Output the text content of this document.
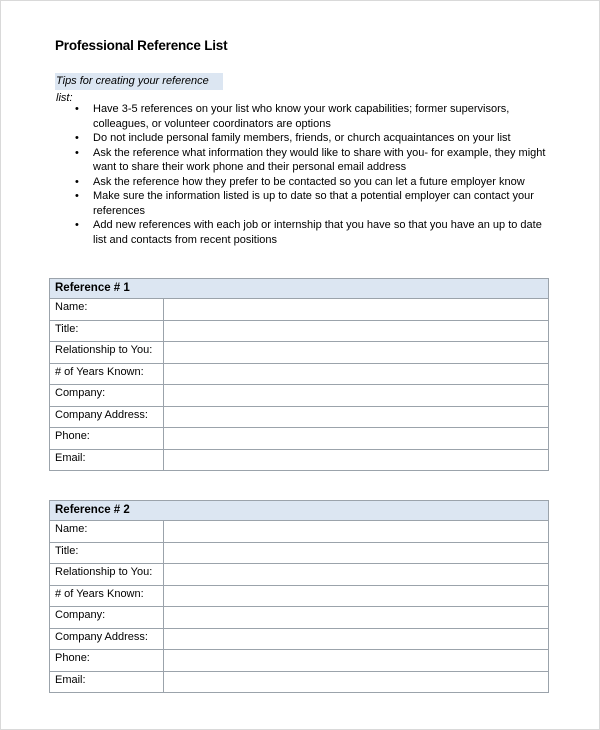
Professional Reference List
Tips for creating your reference list:
• Have 3-5 references on your list who know your work capabilities; former supervisors, colleagues, or volunteer coordinators are options
• Do not include personal family members, friends, or church acquaintances on your list
• Ask the reference what information they would like to share with you- for example, they might want to share their work phone and their personal email address
• Ask the reference how they prefer to be contacted so you can let a future employer know
• Make sure the information listed is up to date so that a potential employer can contact your references
• Add new references with each job or internship that you have so that you have an up to date list and contacts from recent positions
Reference # 1	
Name:	
Title:	
Relationship to You:	
# of Years Known:	
Company:	
Company Address:	
Phone:	
Email:	
Reference # 2	
Name:	
Title:	
Relationship to You:	
# of Years Known:	
Company:	
Company Address:	
Phone:	
Email:	
